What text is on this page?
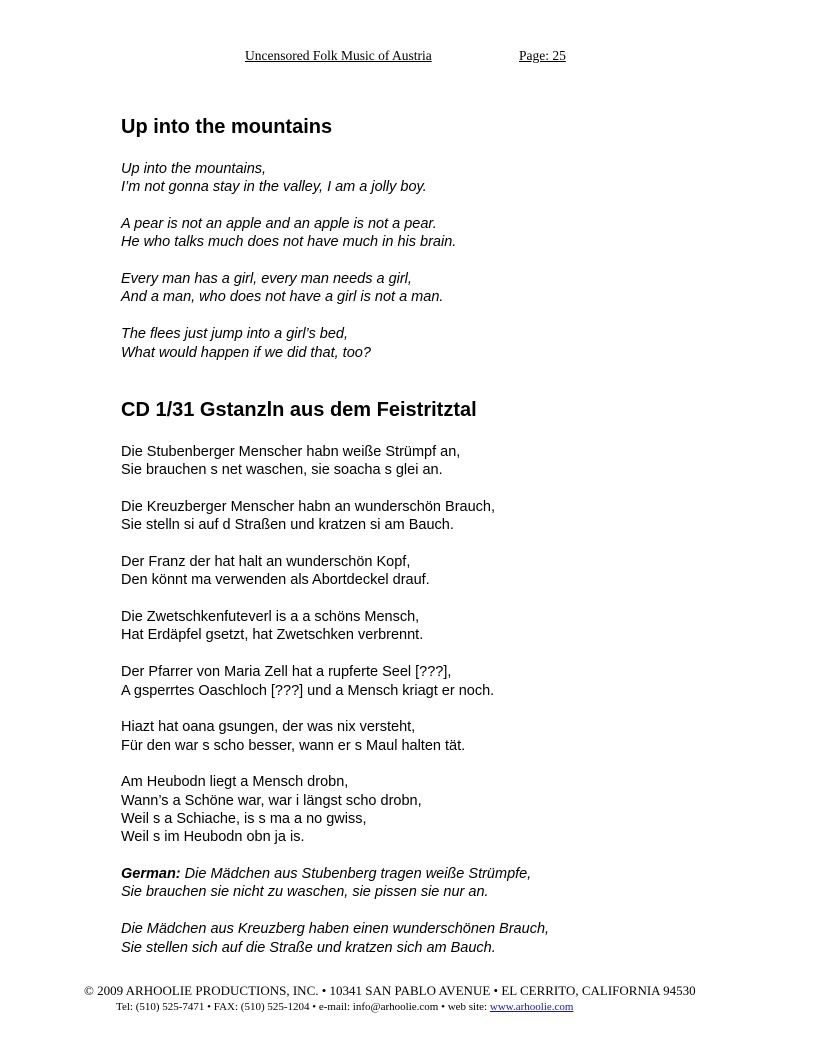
Uncensored Folk Music of Austria	Page: 25
Up into the mountains
Up into the mountains,
I’m not gonna stay in the valley, I am a jolly boy.
A pear is not an apple and an apple is not a pear.
He who talks much does not have much in his brain.
Every man has a girl, every man needs a girl,
And a man, who does not have a girl is not a man.
The flees just jump into a girl’s bed,
What would happen if we did that, too?
CD 1/31 Gstanzln aus dem Feistritztal
Die Stubenberger Menscher habn weiße Strümpf an,
Sie brauchen s net waschen, sie soacha s glei an.
Die Kreuzberger Menscher habn an wunderschön Brauch,
Sie stelln si auf d Straßen und kratzen si am Bauch.
Der Franz der hat halt an wunderschön Kopf,
Den könnt ma verwenden als Abortdeckel drauf.
Die Zwetschkenfuteverl is a a schöns Mensch,
Hat Erdäpfel gsetzt, hat Zwetschken verbrennt.
Der Pfarrer von Maria Zell hat a rupferte Seel [???],
A gsperrtes Oaschloch [???] und a Mensch kriagt er noch.
Hiazt hat oana gsungen, der was nix versteht,
Für den war s scho besser, wann er s Maul halten tät.
Am Heubodn liegt a Mensch drobn,
Wann’s a Schöne war, war i längst scho drobn,
Weil s a Schiache, is s ma a no gwiss,
Weil s im Heubodn obn ja is.
German: Die Mädchen aus Stubenberg tragen weiße Strümpfe,
Sie brauchen sie nicht zu waschen, sie pissen sie nur an.
Die Mädchen aus Kreuzberg haben einen wunderschönen Brauch,
Sie stellen sich auf die Straße und kratzen sich am Bauch.
© 2009 ARHOOLIE PRODUCTIONS, INC. • 10341 SAN PABLO AVENUE • EL CERRITO, CALIFORNIA 94530
Tel: (510) 525-7471 • FAX: (510) 525-1204 • e-mail: info@arhoolie.com • web site: www.arhoolie.com
